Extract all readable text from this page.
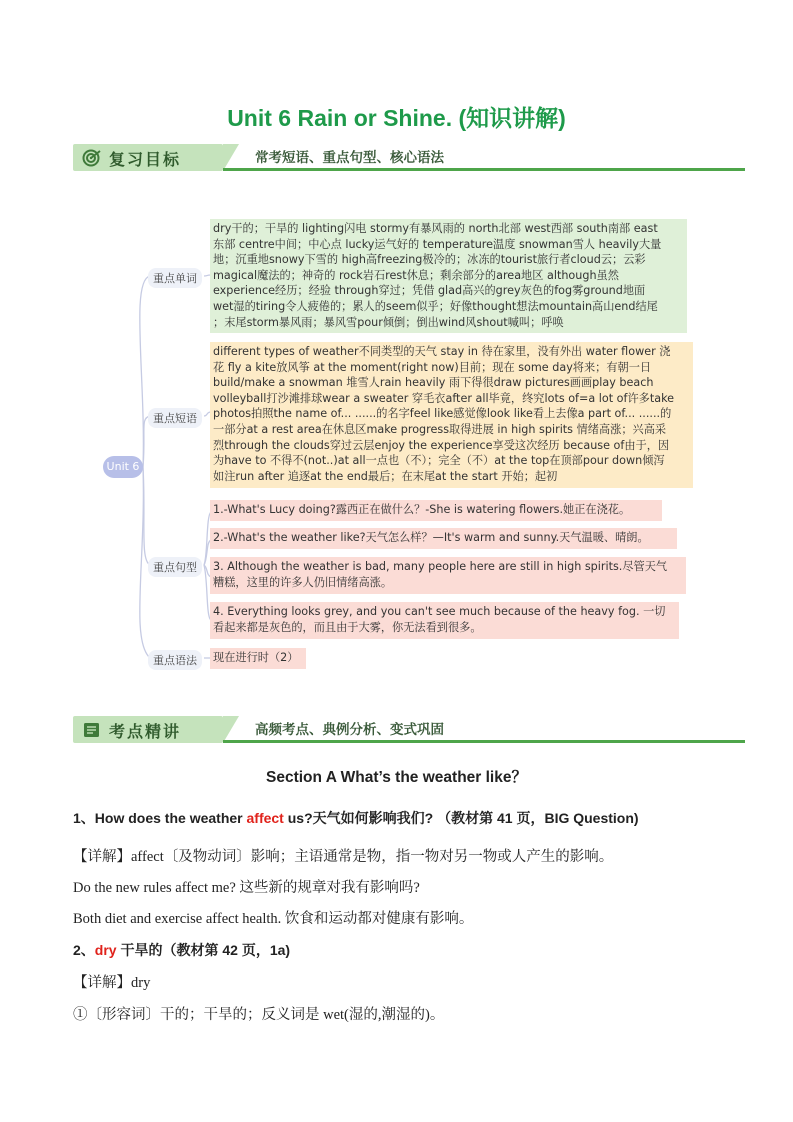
Unit 6 Rain or Shine. (知识讲解)
复习目标	常考短语、重点句型、核心语法
Unit 6
重点单词
重点短语
重点句型
重点语法
dry干的；干旱的 lighting闪电 stormy有暴风雨的 north北部 west西部 south南部 east
东部 centre中间；中心点 lucky运气好的 temperature温度 snowman雪人 heavily大量
地；沉重地snowy下雪的 high高freezing极冷的；冰冻的tourist旅行者cloud云；云彩
magical魔法的；神奇的 rock岩石rest休息；剩余部分的area地区 although虽然
experience经历；经验 through穿过；凭借 glad高兴的grey灰色的fog雾ground地面
wet湿的tiring令人疲倦的；累人的seem似乎；好像thought想法mountain高山end结尾
；末尾storm暴风雨；暴风雪pour倾倒；倒出wind风shout喊叫；呼唤
different types of weather不同类型的天气 stay in 待在家里，没有外出 water flower 浇
花 fly a kite放风筝 at the moment(right now)目前；现在 some day将来；有朝一日
build/make a snowman 堆雪人rain heavily 雨下得很draw pictures画画play beach
volleyball打沙滩排球wear a sweater 穿毛衣after all毕竟，终究lots of=a lot of许多take
photos拍照the name of... ......的名字feel like感觉像look like看上去像a part of... ......的
一部分at a rest area在休息区make progress取得进展 in high spirits 情绪高涨；兴高采
烈through the clouds穿过云层enjoy the experience享受这次经历 because of由于，因
为have to 不得不(not..)at all一点也（不）；完全（不）at the top在顶部pour down倾泻
如注run after 追逐at the end最后；在末尾at the start 开始；起初
1.-What's Lucy doing?露西正在做什么？-She is watering flowers.她正在浇花。
2.-What's the weather like?天气怎么样？—It's warm and sunny.天气温暖、晴朗。
3. Although the weather is bad, many people here are still in high spirits.尽管天气
糟糕，这里的许多人仍旧情绪高涨。
4. Everything looks grey, and you can't see much because of the heavy fog. 一切
看起来都是灰色的，而且由于大雾，你无法看到很多。
现在进行时（2）
考点精讲	高频考点、典例分析、变式巩固
Section A What’s the weather like？
1、How does the weather affect us?天气如何影响我们? （教材第 41 页，BIG Question)
【详解】affect〔及物动词〕影响；主语通常是物，指一物对另一物或人产生的影响。
Do the new rules affect me? 这些新的规章对我有影响吗?
Both diet and exercise affect health. 饮食和运动都对健康有影响。
2、dry 干旱的（教材第 42 页，1a)
【详解】dry
①〔形容词〕干的；干旱的；反义词是 wet(湿的,潮湿的)。
